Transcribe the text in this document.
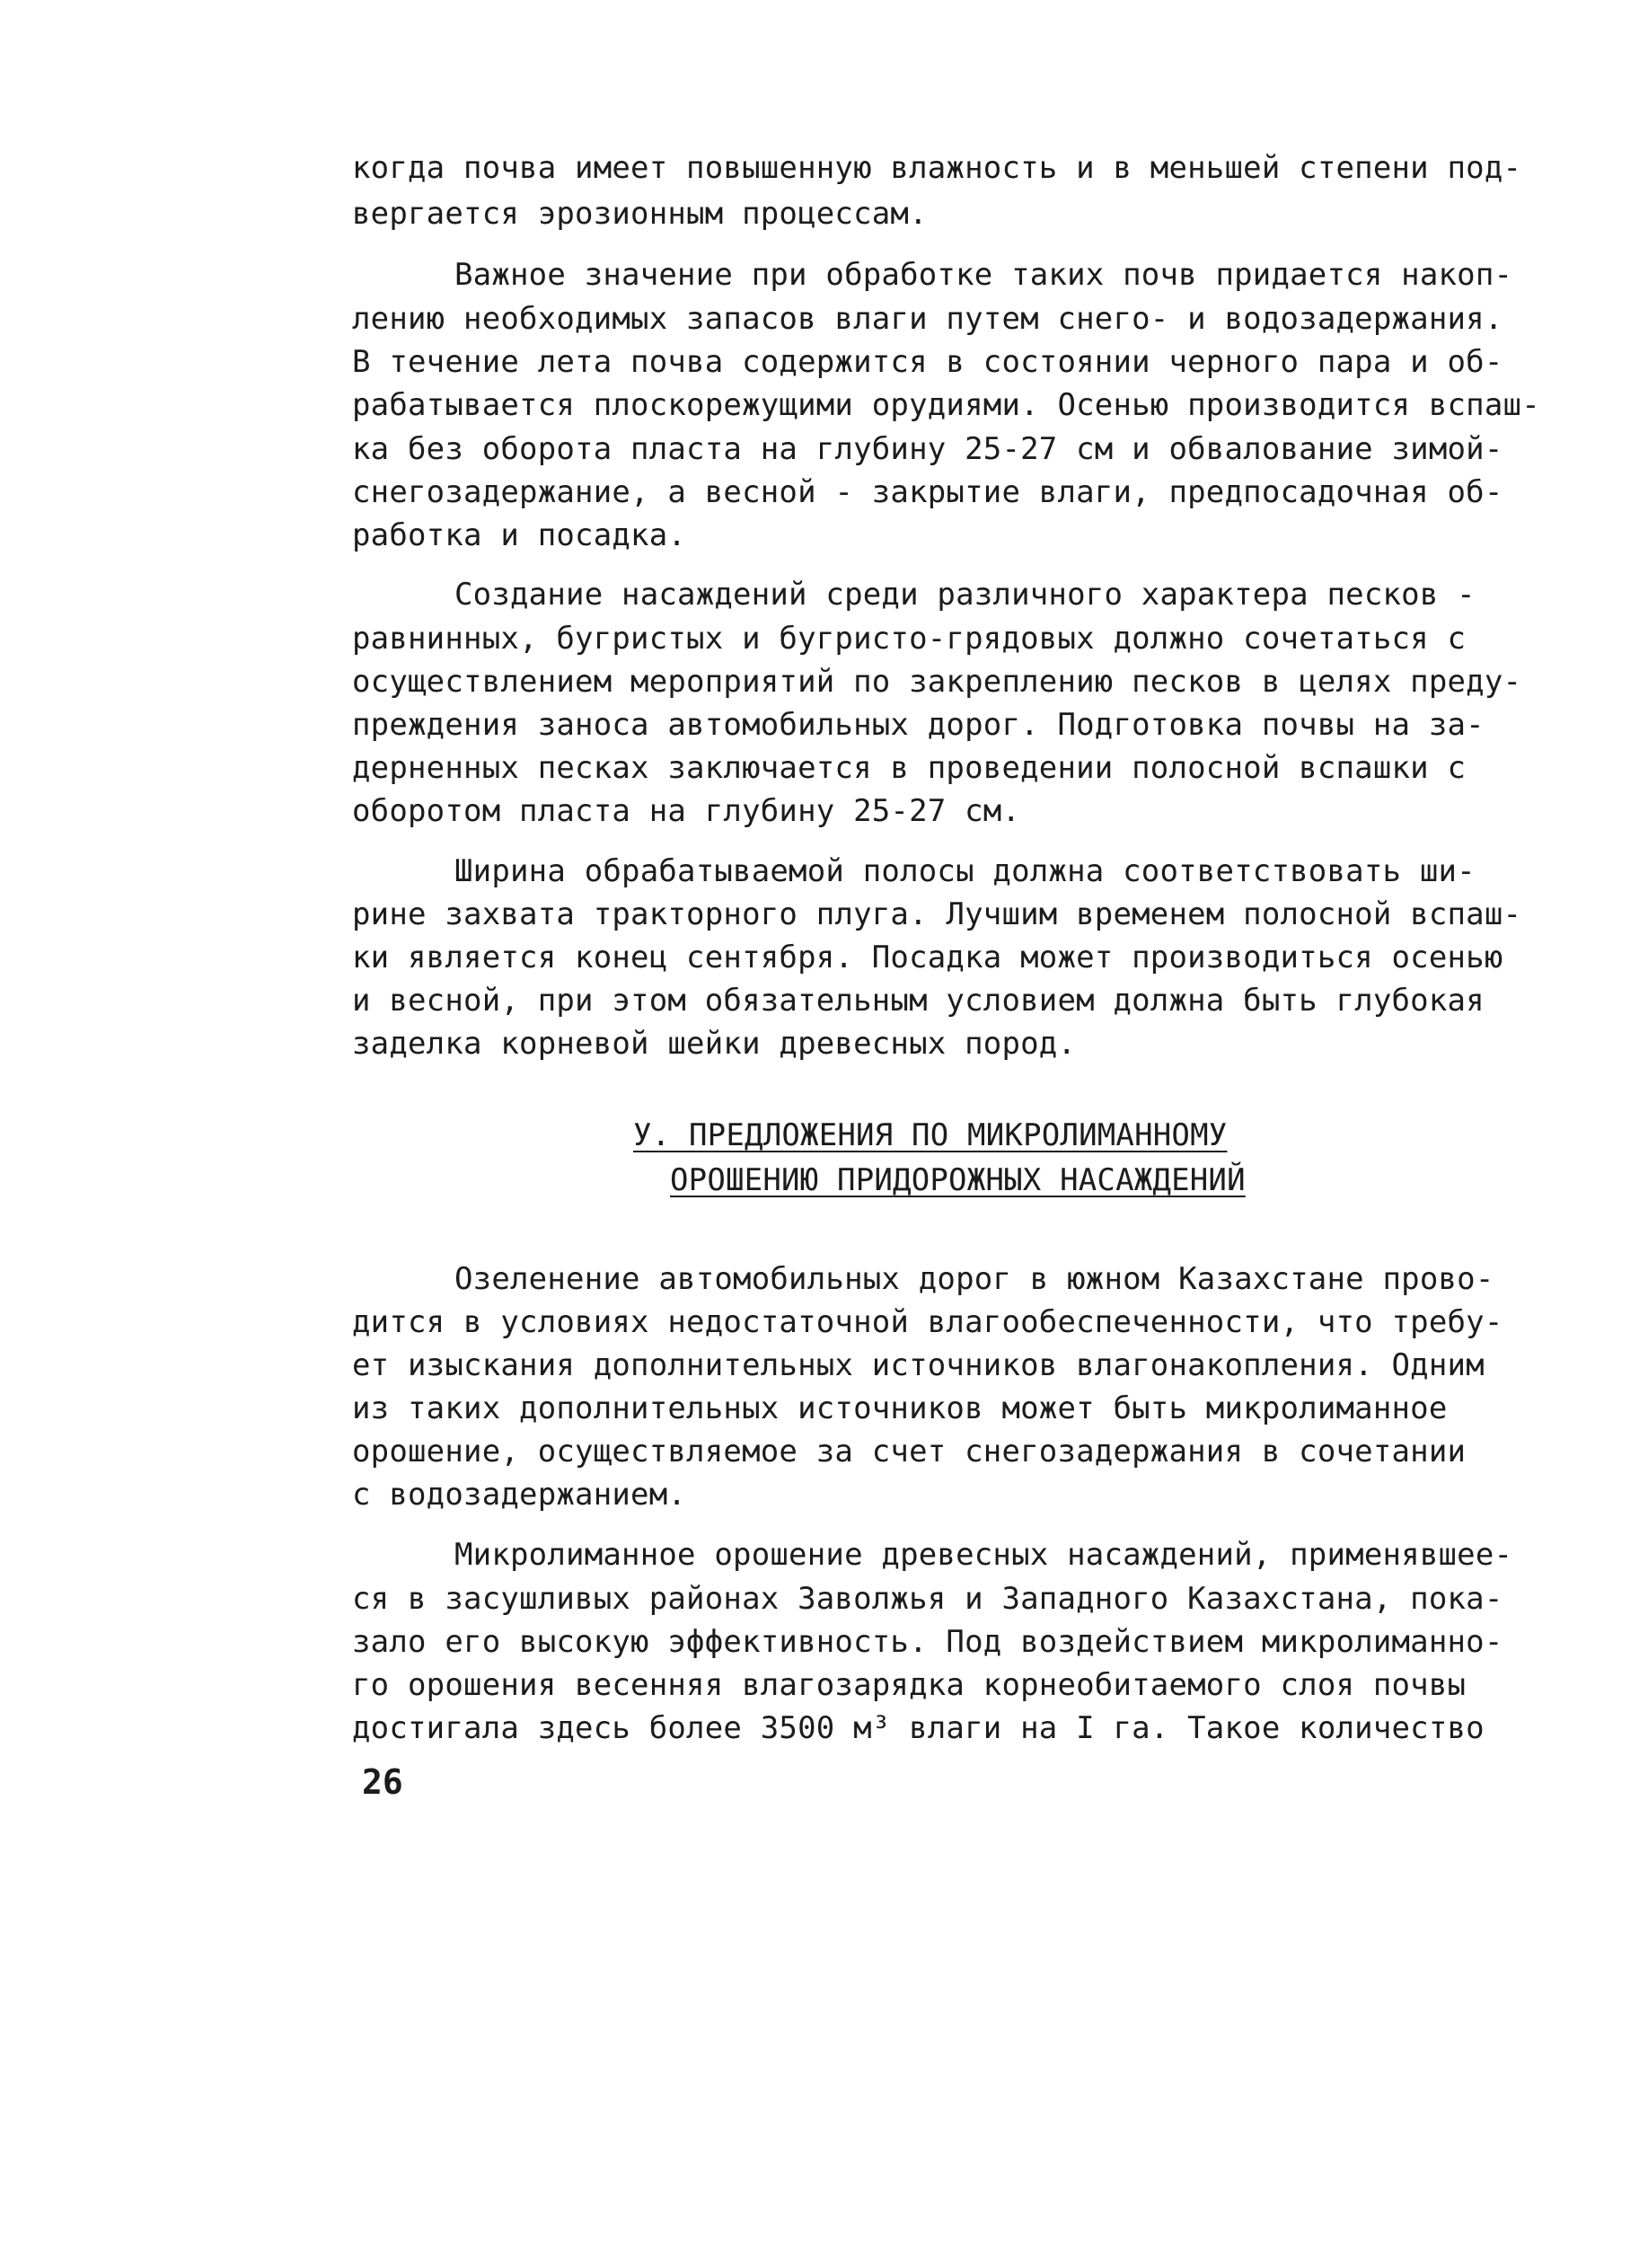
когда почва имеет повышенную влажность и в меньшей степени под-
вергается эрозионным процессам.
Важное значение при обработке таких почв придается накоп-
лению необходимых запасов влаги путем снего- и водозадержания.
В течение лета почва содержится в состоянии черного пара и об-
рабатывается плоскорежущими орудиями. Осенью производится вспаш-
ка без оборота пласта на глубину 25-27 см и обвалование зимой-
снегозадержание, а весной - закрытие влаги, предпосадочная об-
работка и посадка.
Создание насаждений среди различного характера песков -
равнинных, бугристых и бугристо-грядовых должно сочетаться с
осуществлением мероприятий по закреплению песков в целях преду-
преждения заноса автомобильных дорог. Подготовка почвы на за-
дерненных песках заключается в проведении полосной вспашки с
оборотом пласта на глубину 25-27 см.
Ширина обрабатываемой полосы должна соответствовать ши-
рине захвата тракторного плуга. Лучшим временем полосной вспаш-
ки является конец сентября. Посадка может производиться осенью
и весной, при этом обязательным условием должна быть глубокая
заделка корневой шейки древесных пород.
У. ПРЕДЛОЖЕНИЯ ПО МИКРОЛИМАННОМУ
ОРОШЕНИЮ ПРИДОРОЖНЫХ НАСАЖДЕНИЙ
Озеленение автомобильных дорог в южном Казахстане прово-
дится в условиях недостаточной влагообеспеченности, что требу-
ет изыскания дополнительных источников влагонакопления. Одним
из таких дополнительных источников может быть микролиманное
орошение, осуществляемое за счет снегозадержания в сочетании
с водозадержанием.
Микролиманное орошение древесных насаждений, применявшее-
ся в засушливых районах Заволжья и Западного Казахстана, пока-
зало его высокую эффективность. Под воздействием микролиманно-
го орошения весенняя влагозарядка корнеобитаемого слоя почвы
достигала здесь более 3500 м³ влаги на I га. Такое количество
26
